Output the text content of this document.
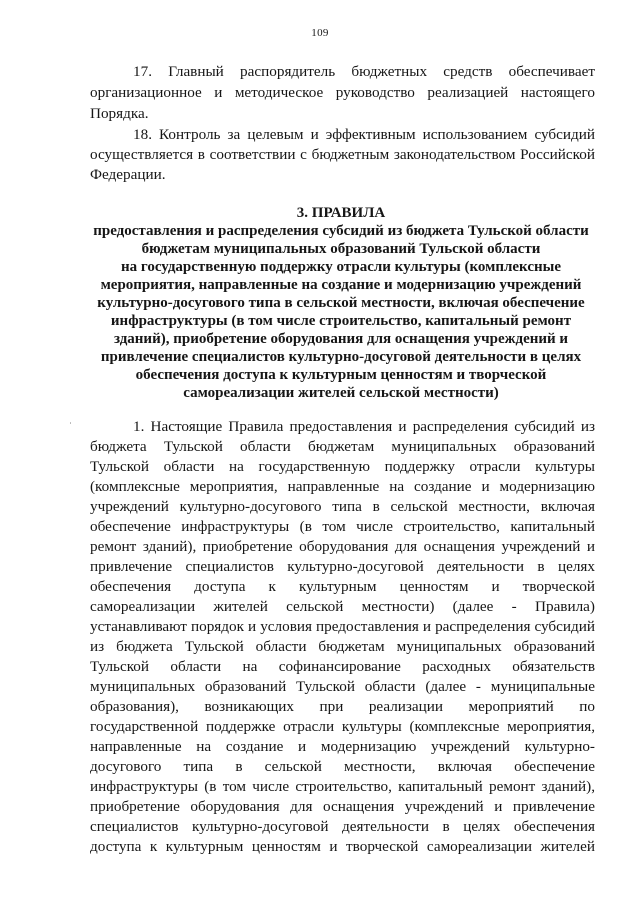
109
17. Главный распорядитель бюджетных средств обеспечивает
организационное и методическое руководство реализацией настоящего
Порядка.
18. Контроль за целевым и эффективным использованием субсидий
осуществляется в соответствии с бюджетным законодательством Российской
Федерации.
3. ПРАВИЛА
предоставления и распределения субсидий из бюджета Тульской области
бюджетам муниципальных образований Тульской области
на государственную поддержку отрасли культуры (комплексные
мероприятия, направленные на создание и модернизацию учреждений
культурно-досугового типа в сельской местности, включая обеспечение
инфраструктуры (в том числе строительство, капитальный ремонт
зданий), приобретение оборудования для оснащения учреждений и
привлечение специалистов культурно-досуговой деятельности в целях
обеспечения доступа к культурным ценностям и творческой
самореализации жителей сельской местности)
˙	1. Настоящие Правила предоставления и распределения субсидий из
бюджета Тульской области бюджетам муниципальных образований
Тульской области на государственную поддержку отрасли культуры
(комплексные мероприятия, направленные на создание и модернизацию
учреждений культурно-досугового типа в сельской местности, включая
обеспечение инфраструктуры (в том числе строительство, капитальный
ремонт зданий), приобретение оборудования для оснащения учреждений и
привлечение специалистов культурно-досуговой деятельности в целях
обеспечения доступа к культурным ценностям и творческой
самореализации жителей сельской местности) (далее - Правила)
устанавливают порядок и условия предоставления и распределения субсидий
из бюджета Тульской области бюджетам муниципальных образований
Тульской области на софинансирование расходных обязательств
муниципальных образований Тульской области (далее - муниципальные
образования), возникающих при реализации мероприятий по
государственной поддержке отрасли культуры (комплексные мероприятия,
направленные на создание и модернизацию учреждений культурно-
досугового типа в сельской местности, включая обеспечение
инфраструктуры (в том числе строительство, капитальный ремонт зданий),
приобретение оборудования для оснащения учреждений и привлечение
специалистов культурно-досуговой деятельности в целях обеспечения
доступа к культурным ценностям и творческой самореализации жителей
